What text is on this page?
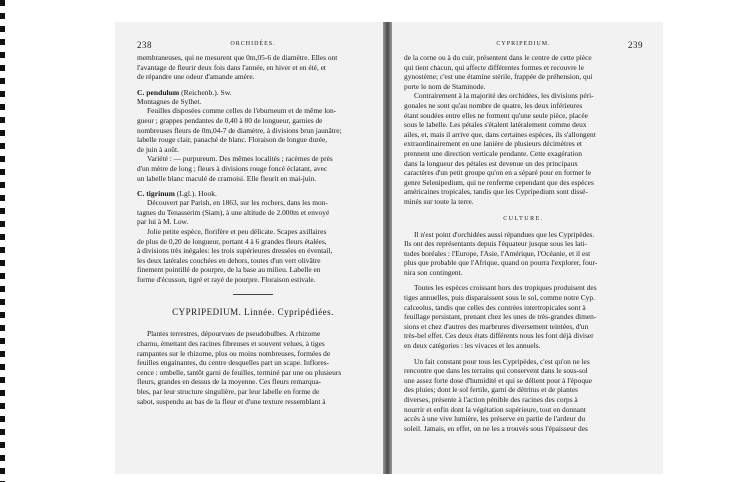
238	ORCHIDÉES.

membraneuses, qui ne mesurent que 0m,05-6 de diamètre. Elles ont

l'avantage de fleurir deux fois dans l'année, en hiver et en été, et

de répandre une odeur d'amande amère.

C. pendulum (Reichenb.). Sw.

Montagnes de Sylhet.

Feuilles disposées comme celles de l'eburneum et de même lon-

gueur ; grappes pendantes de 0,40 à 80 de longueur, garnies de

nombreuses fleurs de 0m,04-7 de diamètre, à divisions brun jaunâtre;

labelle rouge clair, panaché de blanc. Floraison de longue durée,

de juin à août.

Variété : — purpureum. Des mêmes localités ; racèmes de près

d'un mètre de long ; fleurs à divisions rouge foncé éclatant, avec

un labelle blanc maculé de cramoisi. Elle fleurit en mai-juin.

C. tigrinum (Lgl.). Hook.

Découvert par Parish, en 1863, sur les rochers, dans les mon-

tagnes du Tenasserim (Siam), à une altitude de 2.000m et envoyé

par lui à M. Low.

Jolie petite espèce, florifère et peu délicate. Scapes axillaires

de plus de 0,20 de longueur, portant 4 à 6 grandes fleurs étalées,

à divisions très inégales: les trois supérieures dressées en éventail,

les deux latérales couchées en dehors, toutes d'un vert olivâtre

finement pointillé de pourpre, de la base au milieu. Labelle en

forme d'écusson, tigré et rayé de pourpre. Floraison estivale.

CYPRIPEDIUM. Linnée. Cypripédiées.

Plantes terrestres, dépourvues de pseudobulbes. A rhizome

charnu, émettant des racines fibreuses et souvent velues, à tiges

rampantes sur le rhizome, plus ou moins nombreuses, formées de

feuilles engainantes, du centre desquelles part un scape. Inflores-

cence : ombelle, tantôt garni de feuilles, terminé par une ou plusieurs

fleurs, grandes en dessus de la moyenne. Ces fleurs remarqua-

bles, par leur structure singulière, par leur labelle en forme de

sabot, suspendu au bas de la fleur et d'une texture ressemblant à

CYPRIPEDIUM.	239

de la corne ou à du cuir, présentent dans le centre de cette pièce

qui tient chacun, qui affecte différentes formes et recouvre le

gynostème; c'est une étamine stérile, frappée de préhension, qui

porte le nom de Staminode.

Contrairement à la majorité des orchidées, les divisions péri-

gonales ne sont qu'au nombre de quatre, les deux inférieures

étant soudées entre elles ne forment qu'une seule pièce, placée

sous le labelle. Les pétales s'étalent latéralement comme deux

ailes, et, mais il arrive que, dans certaines espèces, ils s'allongent

extraordinairement en une lanière de plusieurs décimètres et

prennent une direction verticale pendante. Cette exagération

dans la longueur des pétales est devenue un des principaux

caractères d'un petit groupe qu'on en a séparé pour en former le

genre Selenipedium, qui ne renferme cependant que des espèces

américaines tropicales, tandis que les Cypripedium sont dissé-

minés sur toute la terre.

CULTURE.

Il n'est point d'orchidées aussi répandues que les Cypripèdes.

Ils ont des représentants depuis l'équateur jusque sous les lati-

tudes boréales : l'Europe, l'Asie, l'Amérique, l'Océanie, et il est

plus que probable que l'Afrique, quand on pourra l'explorer, four-

nira son contingent.

Toutes les espèces croissant hors des tropiques produisent des

tiges annuelles, puis disparaissent sous le sol, comme notre Cyp.

calceolus, tandis que celles des contrées intertropicales sont à

feuillage persistant, prenant chez les unes de très-grandes dimen-

sions et chez d'autres des marbrures diversement teintées, d'un

très-bel effet. Ces deux états différents nous les font déjà diviser

en deux catégories : les vivaces et les annuels.

Un fait constant pour tous les Cypripèdes, c'est qu'on ne les

rencontre que dans les terrains qui conservent dans le sous-sol

une assez forte dose d'humidité et qui se délient pour à l'époque

des pluies; dont le sol fertile, garni de détritus et de plantes

diverses, présente à l'action pénible des racines des corps à

nourrir et enfin dont la végétation supérieure, tout en donnant

accès à une vive lumière, les préserve en partie de l'ardeur du

soleil. Jamais, en effet, on ne les a trouvés sous l'épaisseur des
